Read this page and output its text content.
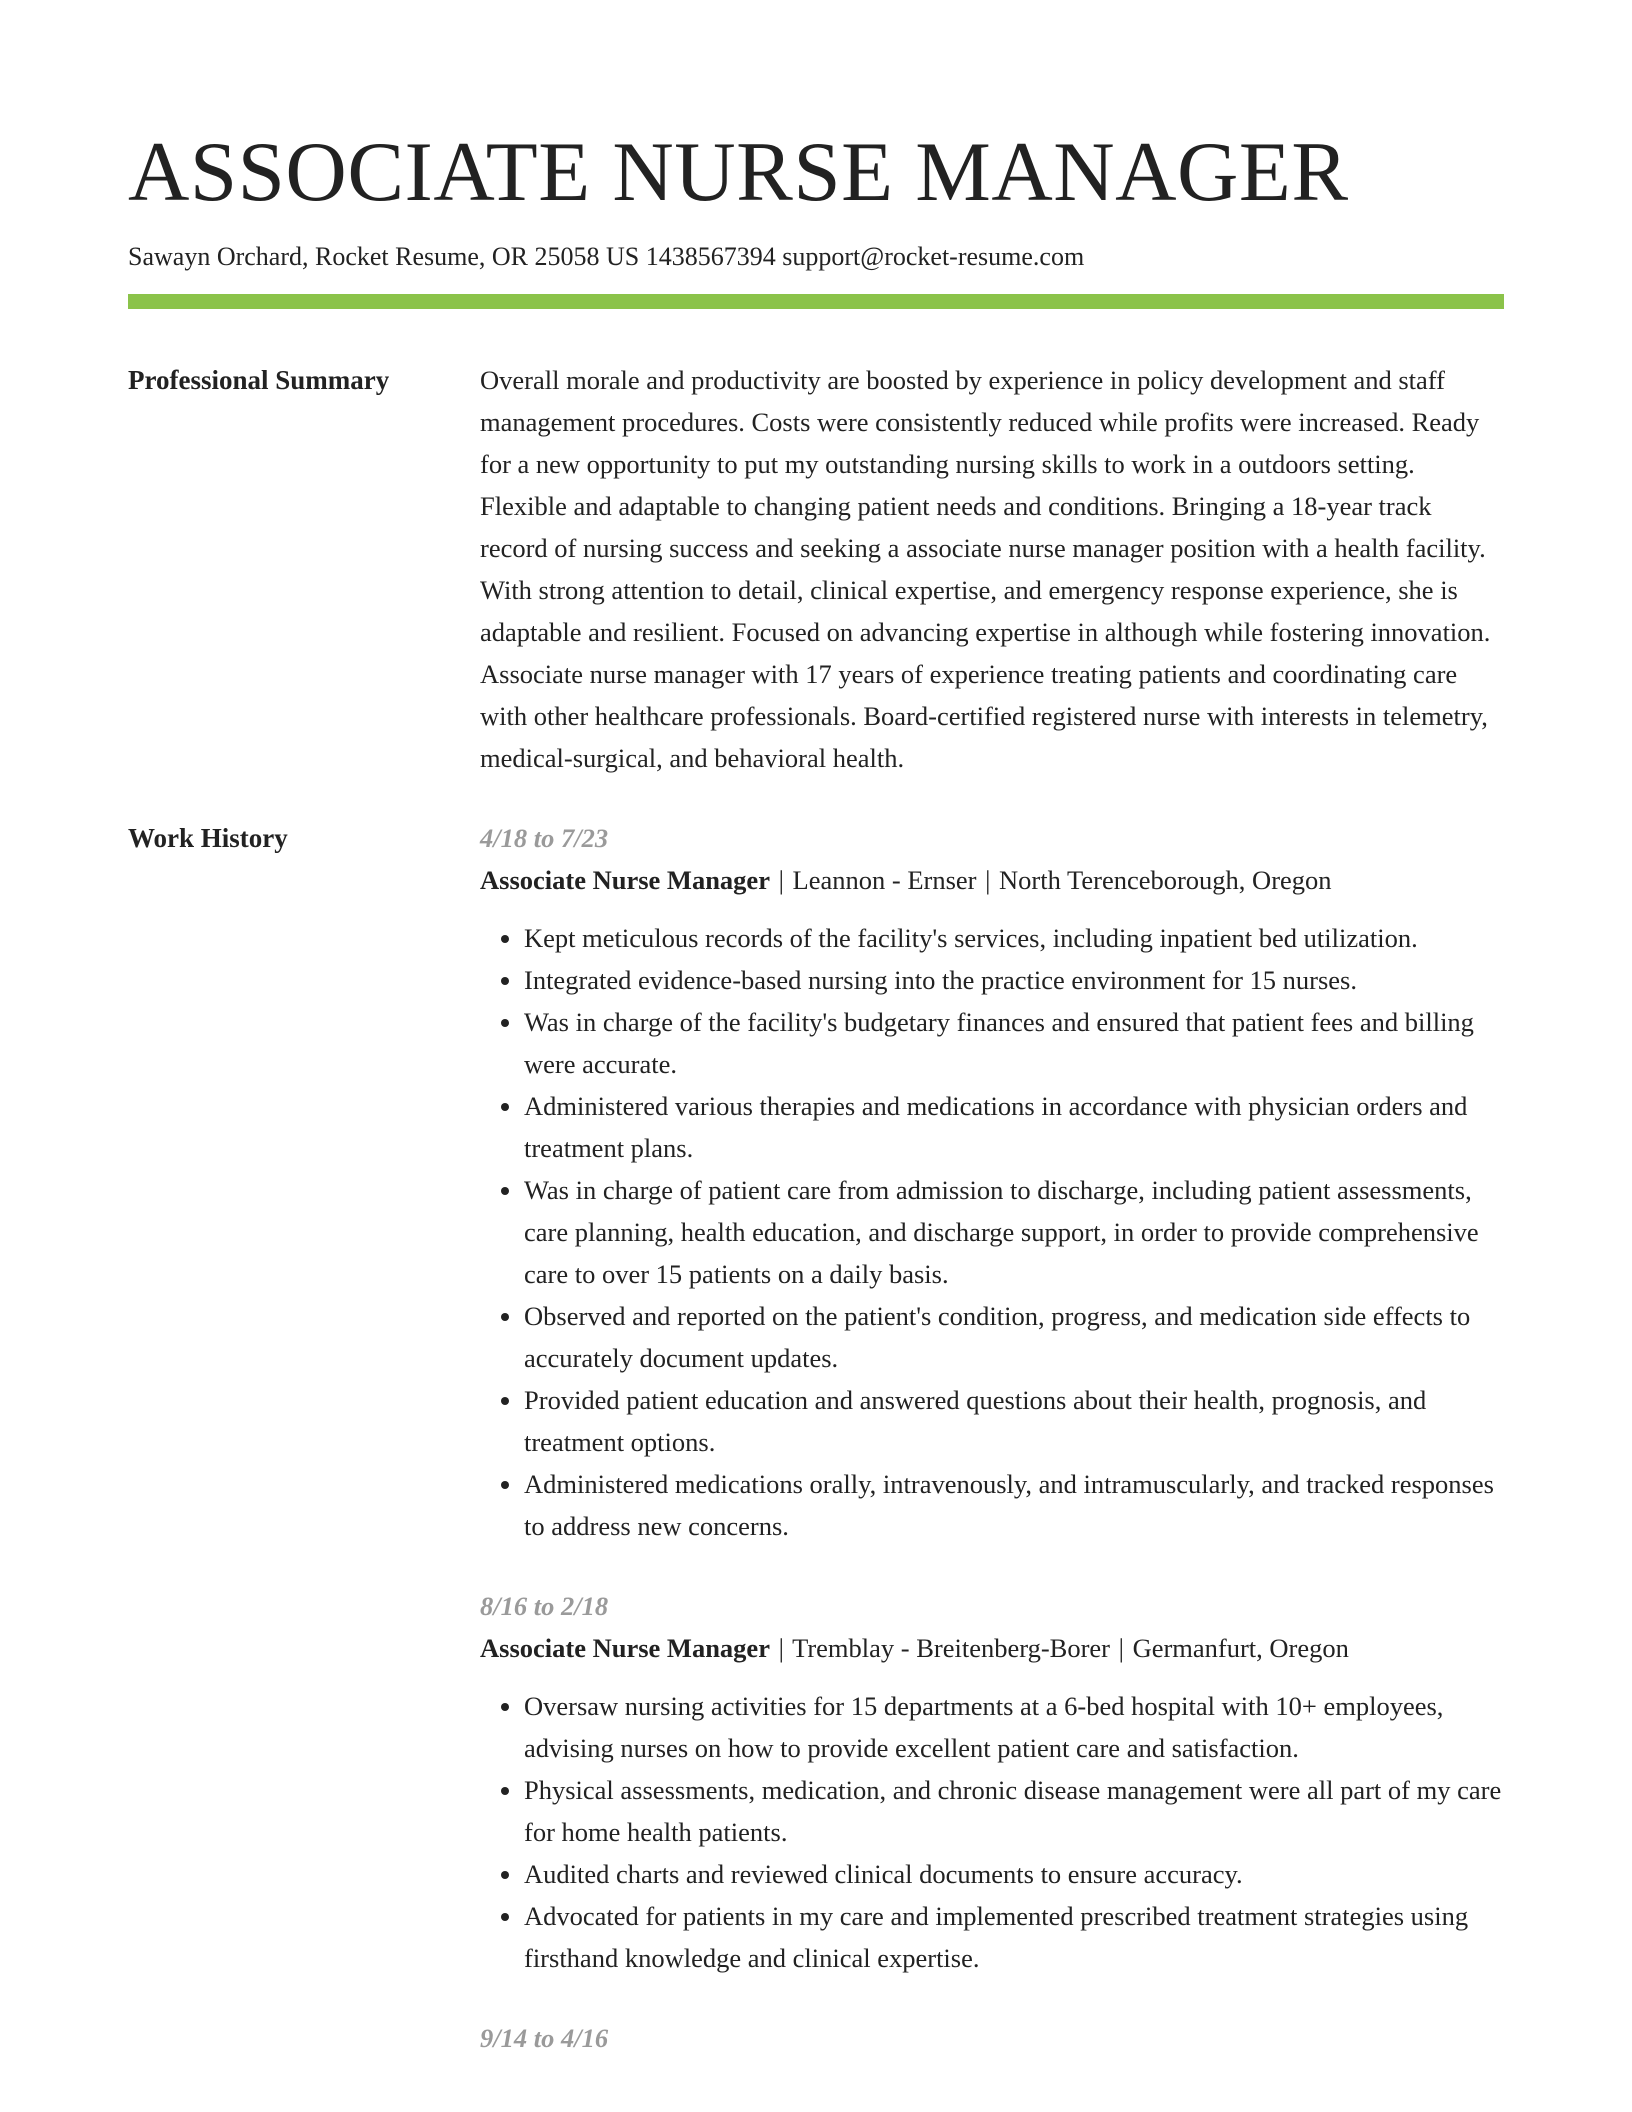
ASSOCIATE NURSE MANAGER
Sawayn Orchard, Rocket Resume, OR 25058 US 1438567394 support@rocket-resume.com
Professional Summary	Overall morale and productivity are boosted by experience in policy development and staff management procedures. Costs were consistently reduced while profits were increased. Ready for a new opportunity to put my outstanding nursing skills to work in a outdoors setting. Flexible and adaptable to changing patient needs and conditions. Bringing a 18-year track record of nursing success and seeking a associate nurse manager position with a health facility. With strong attention to detail, clinical expertise, and emergency response experience, she is adaptable and resilient. Focused on advancing expertise in although while fostering innovation. Associate nurse manager with 17 years of experience treating patients and coordinating care with other healthcare professionals. Board-certified registered nurse with interests in telemetry, medical-surgical, and behavioral health.

Work History	4/18 to 7/23
Associate Nurse Manager | Leannon - Ernser | North Terenceborough, Oregon
• Kept meticulous records of the facility's services, including inpatient bed utilization.
• Integrated evidence-based nursing into the practice environment for 15 nurses.
• Was in charge of the facility's budgetary finances and ensured that patient fees and billing were accurate.
• Administered various therapies and medications in accordance with physician orders and treatment plans.
• Was in charge of patient care from admission to discharge, including patient assessments, care planning, health education, and discharge support, in order to provide comprehensive care to over 15 patients on a daily basis.
• Observed and reported on the patient's condition, progress, and medication side effects to accurately document updates.
• Provided patient education and answered questions about their health, prognosis, and treatment options.
• Administered medications orally, intravenously, and intramuscularly, and tracked responses to address new concerns.
8/16 to 2/18
Associate Nurse Manager | Tremblay - Breitenberg-Borer | Germanfurt, Oregon
• Oversaw nursing activities for 15 departments at a 6-bed hospital with 10+ employees, advising nurses on how to provide excellent patient care and satisfaction.
• Physical assessments, medication, and chronic disease management were all part of my care for home health patients.
• Audited charts and reviewed clinical documents to ensure accuracy.
• Advocated for patients in my care and implemented prescribed treatment strategies using firsthand knowledge and clinical expertise.
9/14 to 4/16
